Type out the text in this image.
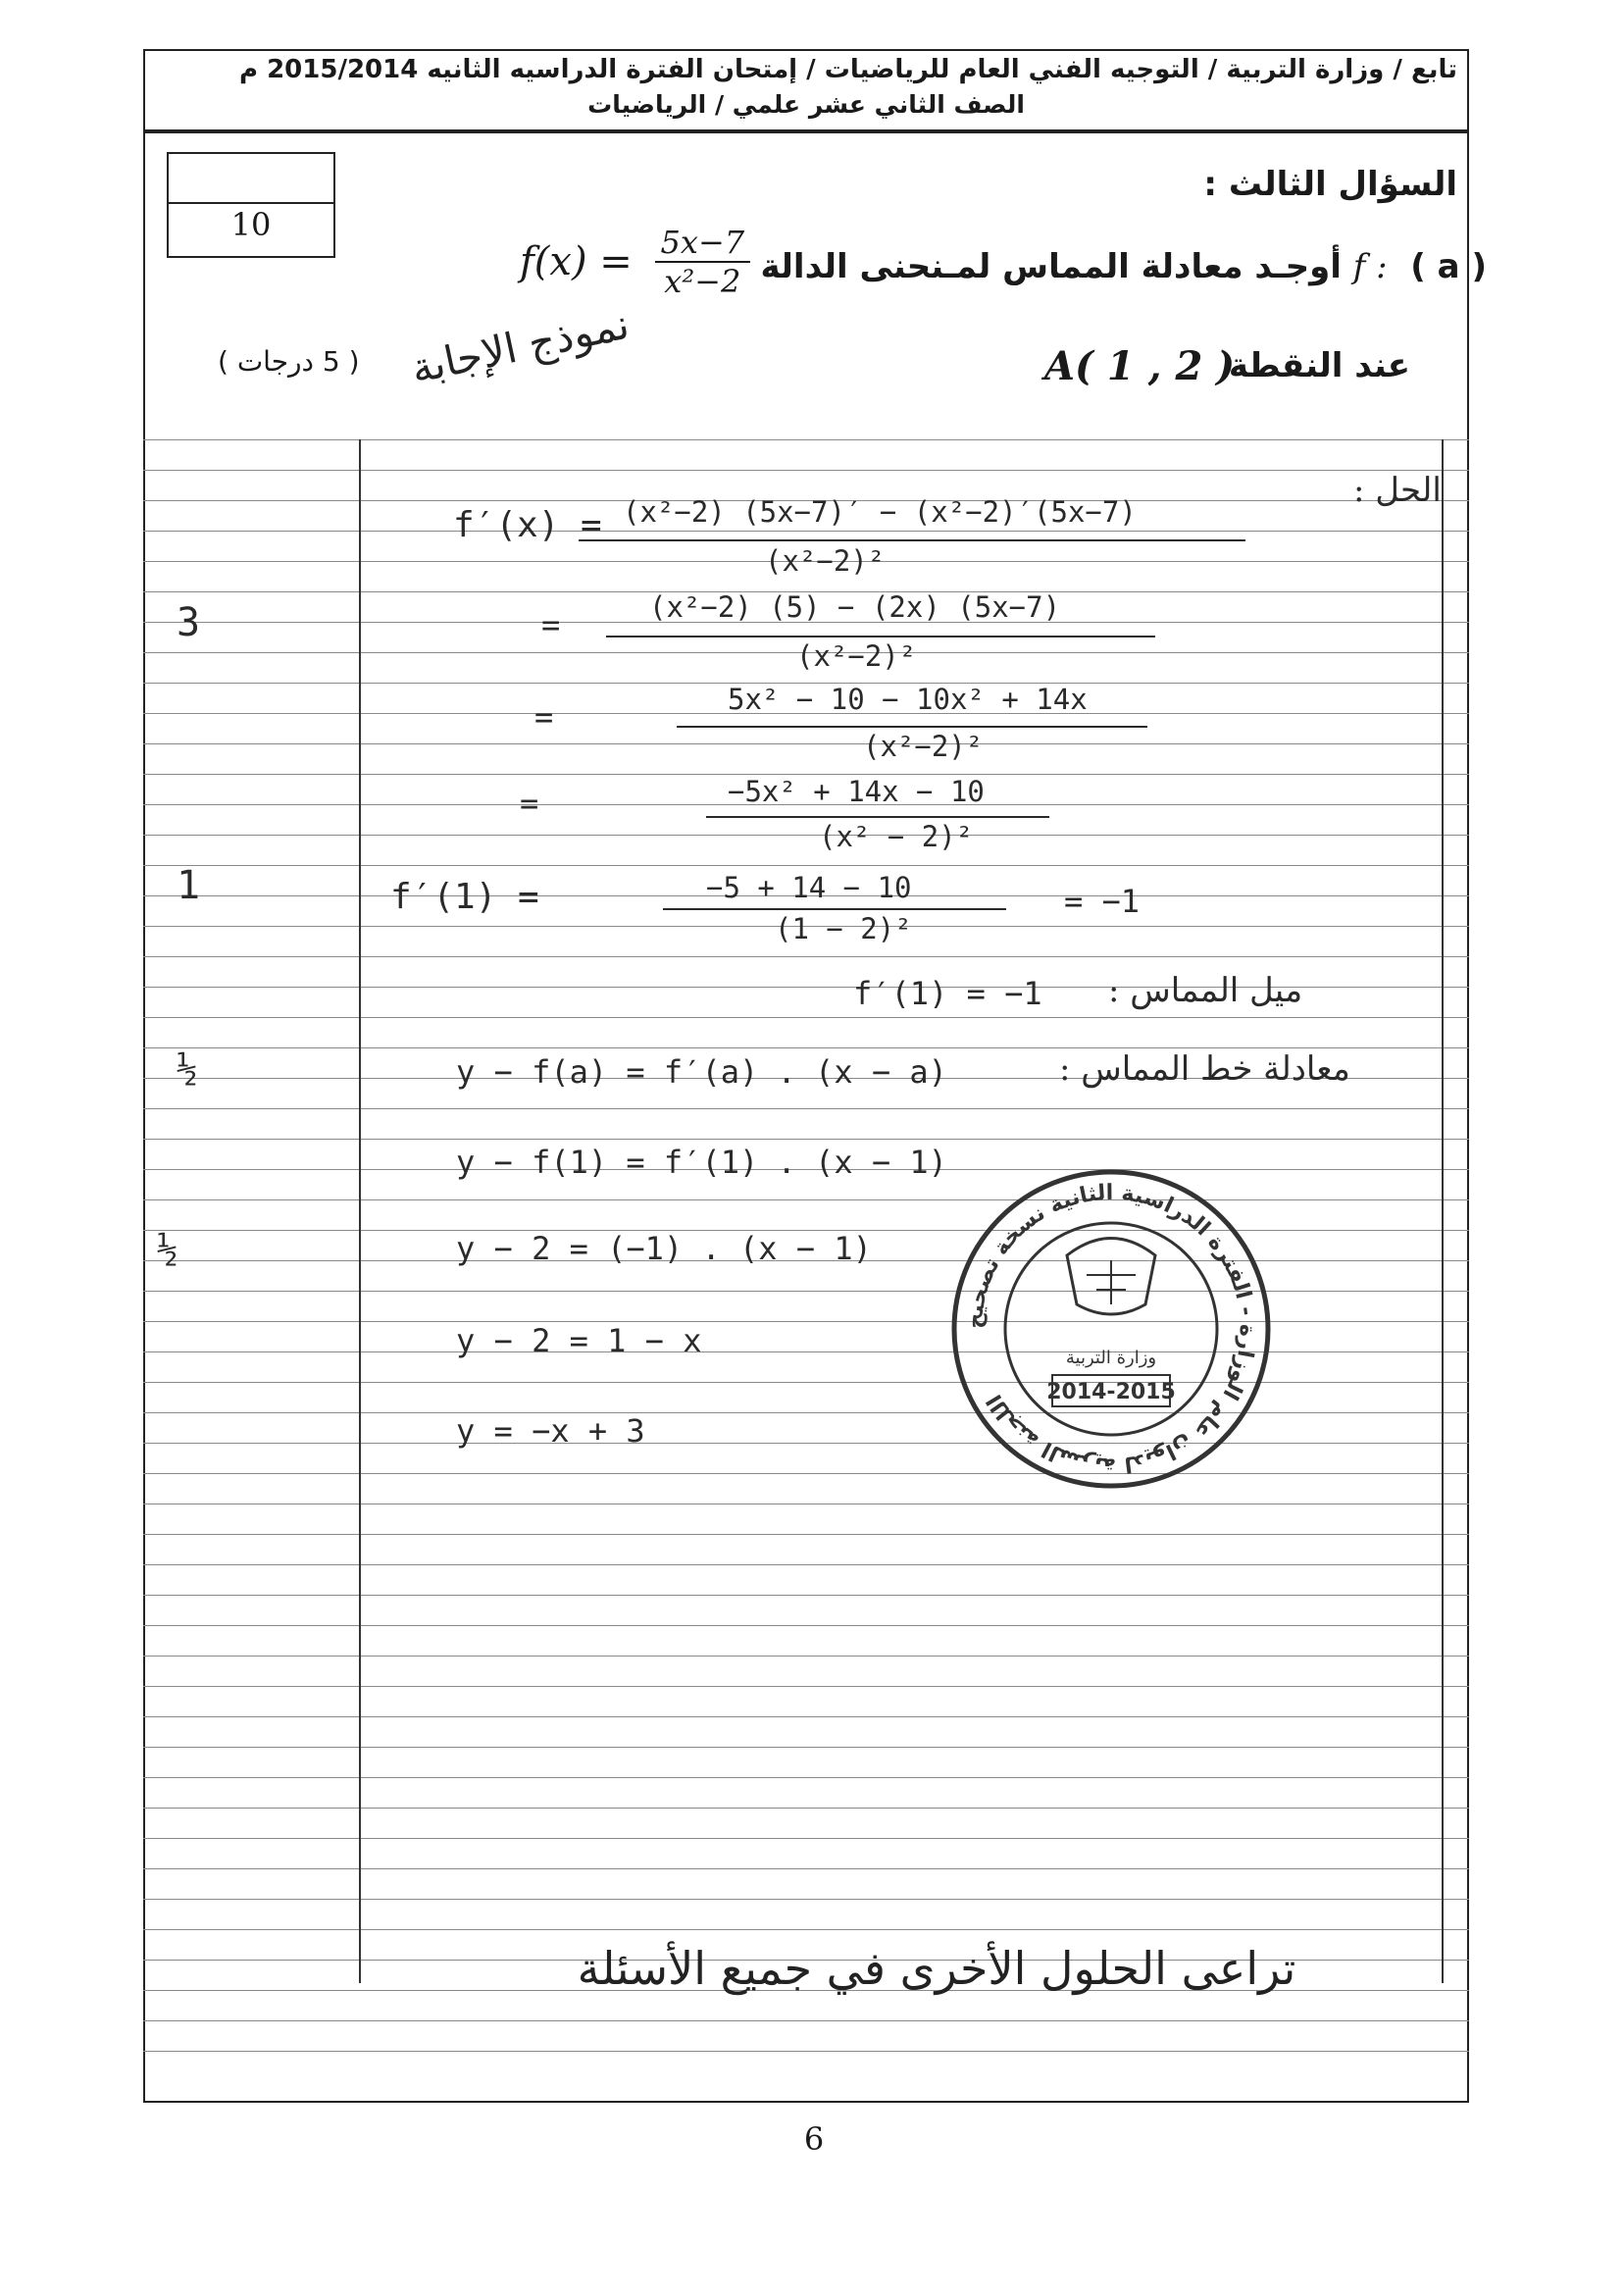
تابع / وزارة التربية / التوجيه الفني العام للرياضيات / إمتحان الفترة الدراسيه الثانيه 2015/2014 م
الصف الثاني عشر علمي / الرياضيات
10
السؤال الثالث :
f :  ( a ) أوجـد معادلة المماس لمـنحنى الدالة
$f(x) = \frac{5x-7}{\text{x²−2}}$
عند النقطة
A( 1 , 2 )
( 5 درجات ) نموذج الإجابة
الحل :
f′(x) = (x²−2) (5x−7)′ − (x²−2)′(5x−7)
(x²−2)²
=	(x²−2) (5) − (2x) (5x−7)
(x²−2)²
=	5x² − 10 − 10x² + 14x
(x²−2)²
=	−5x² + 14x − 10
(x² − 2)²
f′(1) =	−5 + 14 − 10
(1 − 2)²
= −1
ميل المماس :
f′(1) = −1
معادلة خط المماس :
y − f(a) = f′(a) . (x − a)
y − f(1) = f′(1) . (x − 1)
y − 2 = (−1) . (x − 1)
y − 2 = 1 − x
y = −x + 3
3
1
½
½
اللجنة السرية لديوان عام الوزارة - الفترة الدراسية الثانية نسخة تصحيح
وزارة التربية
2014-2015
تراعى الحلول الأخرى في جميع الأسئلة
6
